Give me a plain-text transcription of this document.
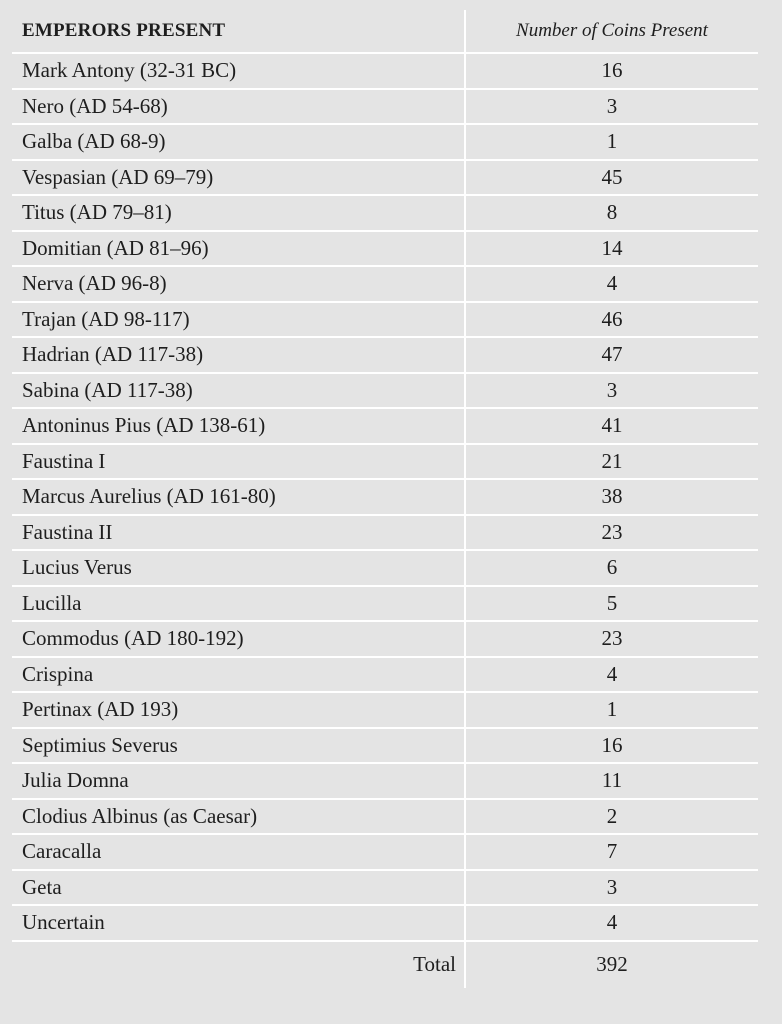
EMPERORS PRESENT	Number of Coins Present
Mark Antony (32-31 BC)	16
Nero (AD 54-68)	3
Galba (AD 68-9)	1
Vespasian (AD 69–79)	45
Titus (AD 79–81)	8
Domitian (AD 81–96)	14
Nerva (AD 96-8)	4
Trajan (AD 98-117)	46
Hadrian (AD 117-38)	47
Sabina (AD 117-38)	3
Antoninus Pius (AD 138-61)	41
Faustina I	21
Marcus Aurelius (AD 161-80)	38
Faustina II	23
Lucius Verus	6
Lucilla	5
Commodus (AD 180-192)	23
Crispina	4
Pertinax (AD 193)	1
Septimius Severus	16
Julia Domna	11
Clodius Albinus (as Caesar)	2
Caracalla	7
Geta	3
Uncertain	4
Total	392
